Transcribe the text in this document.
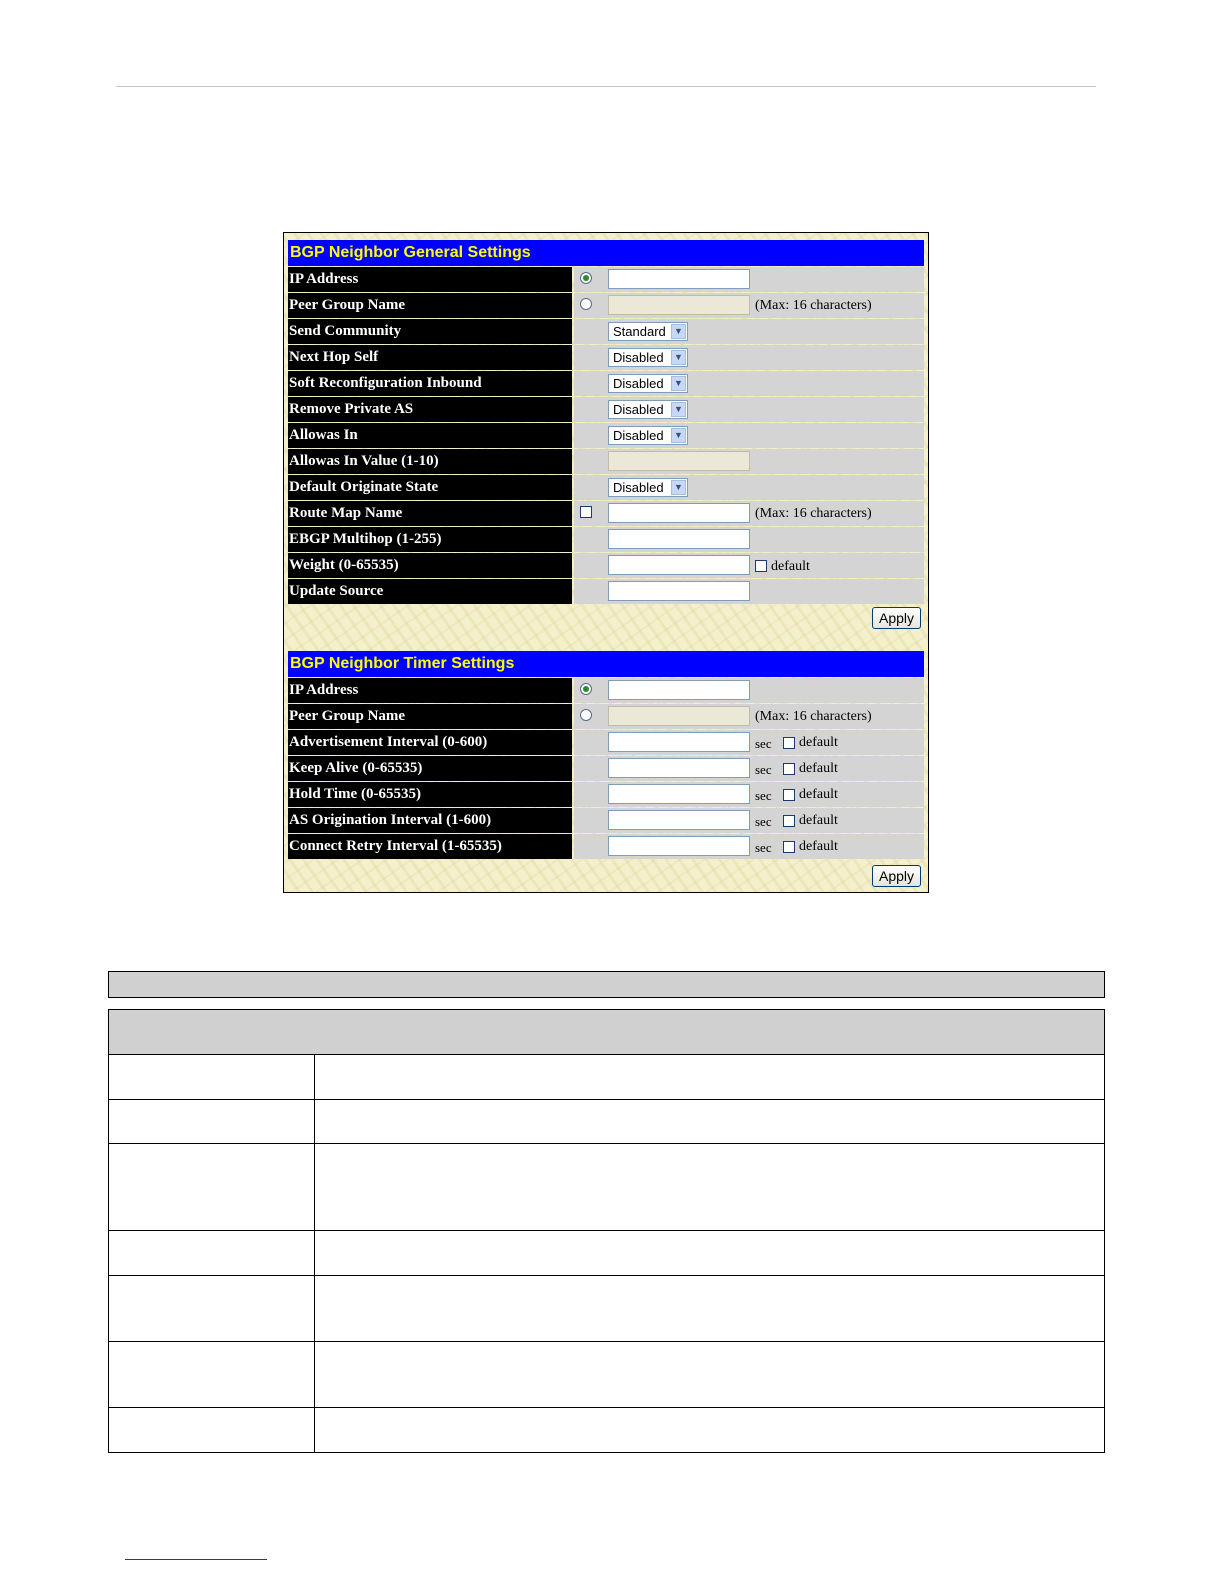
BGP Neighbor General Settings
IP Address
Peer Group Name	(Max: 16 characters)
Send Community	Standard ▼
Next Hop Self	Disabled	▼
Soft Reconfiguration Inbound	Disabled	▼
Remove Private AS	Disabled	▼
Allowas In	Disabled	▼
Allowas In Value (1-10)
Default Originate State	Disabled	▼
Route Map Name	(Max: 16 characters)
EBGP Multihop (1-255)
Weight (0-65535)	default
Update Source
Apply
BGP Neighbor Timer Settings
IP Address
Peer Group Name	(Max: 16 characters)
Advertisement Interval (0-600)	sec default
Keep Alive (0-65535)	sec default
Hold Time (0-65535)	sec default
AS Origination Interval (1-600)	sec default
Connect Retry Interval (1-65535)	sec default
Apply
